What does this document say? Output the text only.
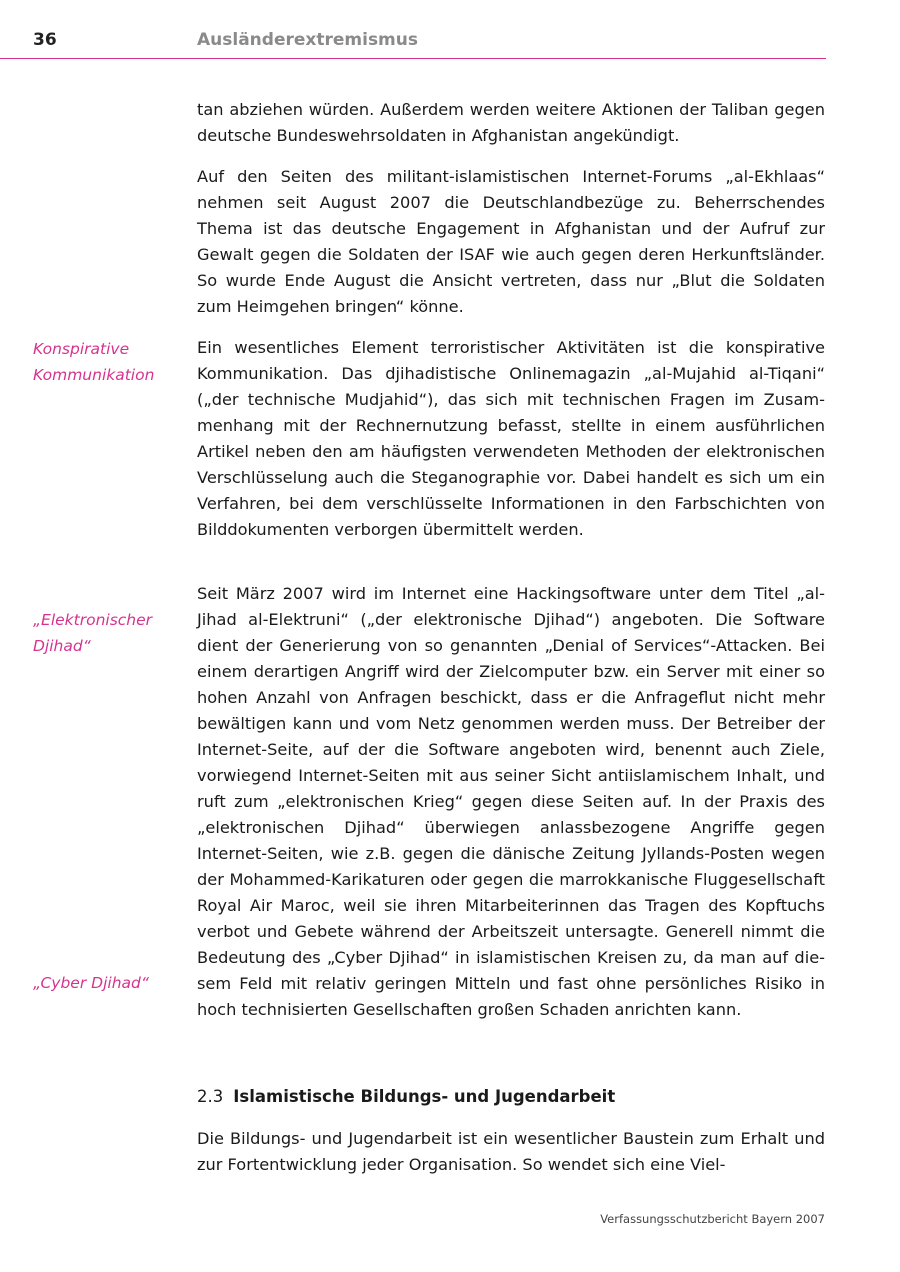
36	Ausländerextremismus

tan abziehen würden. Außerdem werden weitere Aktionen der Taliban gegen deutsche Bundeswehrsoldaten in Afghanistan angekündigt.

Auf den Seiten des militant-islamistischen Internet-Forums „al-Ekhlaas“ nehmen seit August 2007 die Deutschlandbezüge zu. Beherrschendes Thema ist das deutsche Engagement in Afghanistan und der Aufruf zur Gewalt gegen die Soldaten der ISAF wie auch gegen deren Herkunftsländer. So wurde Ende August die Ansicht vertreten, dass nur „Blut die Soldaten zum Heimgehen bringen“ könne.

Konspirative Kommunikation

Ein wesentliches Element terroristischer Aktivitäten ist die konspirative Kommunikation. Das djihadistische Onlinemagazin „al-Mujahid al-Tiqani“ („der technische Mudjahid“), das sich mit technischen Fragen im Zusammenhang mit der Rechnernutzung befasst, stellte in einem ausführlichen Artikel neben den am häufigsten verwendeten Methoden der elektronischen Verschlüsselung auch die Steganographie vor. Dabei handelt es sich um ein Verfahren, bei dem verschlüsselte Informationen in den Farbschichten von Bilddokumenten verborgen übermittelt werden.

„Elektronischer Djihad“

Seit März 2007 wird im Internet eine Hackingsoftware unter dem Titel „al-Jihad al-Elektruni“ („der elektronische Djihad“) angeboten. Die Software dient der Generierung von so genannten „Denial of Services“-Attacken. Bei einem derartigen Angriff wird der Zielcomputer bzw. ein Server mit einer so hohen Anzahl von Anfragen beschickt, dass er die Anfrageflut nicht mehr bewältigen kann und vom Netz genommen werden muss. Der Betreiber der Internet-Seite, auf der die Software angeboten wird, benennt auch Ziele, vorwiegend Internet-Seiten mit aus seiner Sicht antiislamischem Inhalt, und ruft zum „elektronischen Krieg“ gegen diese Seiten auf. In der Praxis des „elektronischen Djihad“ überwiegen anlassbezogene Angriffe gegen Internet-Seiten, wie z.B. gegen die dänische Zeitung Jyllands-Posten wegen der Mohammed-Karikaturen oder gegen die marrokkanische Fluggesellschaft Royal Air Maroc, weil sie ihren Mitarbeiterinnen das Tragen des Kopftuchs verbot und Gebete während der Arbeitszeit untersagte. Generell nimmt die Bedeutung des „Cyber Djihad“ in islamistischen Kreisen zu, da man auf diesem Feld mit relativ geringen Mitteln und fast ohne persönliches Risiko in hoch technisierten Gesellschaften großen Schaden anrichten kann.

„Cyber Djihad“

2.3 Islamistische Bildungs- und Jugendarbeit

Die Bildungs- und Jugendarbeit ist ein wesentlicher Baustein zum Erhalt und zur Fortentwicklung jeder Organisation. So wendet sich eine Viel-

Verfassungsschutzbericht Bayern 2007
